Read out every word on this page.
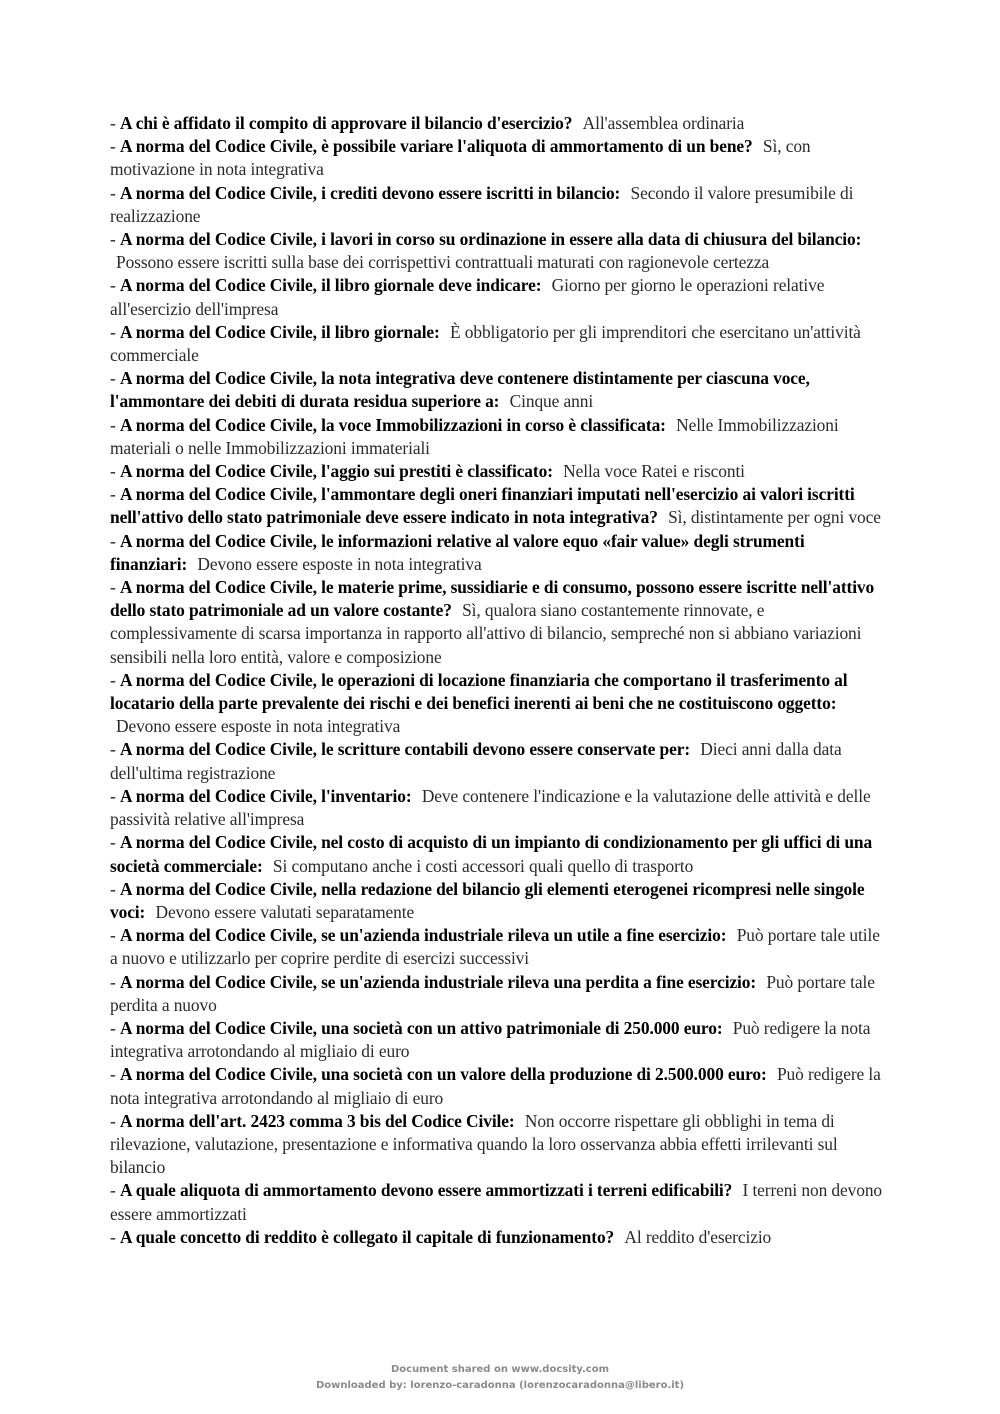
- A chi è affidato il compito di approvare il bilancio d'esercizio? All'assemblea ordinaria

- A norma del Codice Civile, è possibile variare l'aliquota di ammortamento di un bene? Sì, con motivazione in nota integrativa

- A norma del Codice Civile, i crediti devono essere iscritti in bilancio: Secondo il valore presumibile di realizzazione

- A norma del Codice Civile, i lavori in corso su ordinazione in essere alla data di chiusura del bilancio: Possono essere iscritti sulla base dei corrispettivi contrattuali maturati con ragionevole certezza

- A norma del Codice Civile, il libro giornale deve indicare: Giorno per giorno le operazioni relative all'esercizio dell'impresa

- A norma del Codice Civile, il libro giornale: È obbligatorio per gli imprenditori che esercitano un'attività commerciale

- A norma del Codice Civile, la nota integrativa deve contenere distintamente per ciascuna voce, l'ammontare dei debiti di durata residua superiore a: Cinque anni

- A norma del Codice Civile, la voce Immobilizzazioni in corso è classificata: Nelle Immobilizzazioni materiali o nelle Immobilizzazioni immateriali

- A norma del Codice Civile, l'aggio sui prestiti è classificato: Nella voce Ratei e risconti

- A norma del Codice Civile, l'ammontare degli oneri finanziari imputati nell'esercizio ai valori iscritti nell'attivo dello stato patrimoniale deve essere indicato in nota integrativa? Sì, distintamente per ogni voce

- A norma del Codice Civile, le informazioni relative al valore equo «fair value» degli strumenti finanziari: Devono essere esposte in nota integrativa

- A norma del Codice Civile, le materie prime, sussidiarie e di consumo, possono essere iscritte nell'attivo dello stato patrimoniale ad un valore costante? Sì, qualora siano costantemente rinnovate, e complessivamente di scarsa importanza in rapporto all'attivo di bilancio, sempreché non si abbiano variazioni sensibili nella loro entità, valore e composizione

- A norma del Codice Civile, le operazioni di locazione finanziaria che comportano il trasferimento al locatario della parte prevalente dei rischi e dei benefici inerenti ai beni che ne costituiscono oggetto: Devono essere esposte in nota integrativa

- A norma del Codice Civile, le scritture contabili devono essere conservate per: Dieci anni dalla data dell'ultima registrazione

- A norma del Codice Civile, l'inventario: Deve contenere l'indicazione e la valutazione delle attività e delle passività relative all'impresa

- A norma del Codice Civile, nel costo di acquisto di un impianto di condizionamento per gli uffici di una società commerciale: Si computano anche i costi accessori quali quello di trasporto

- A norma del Codice Civile, nella redazione del bilancio gli elementi eterogenei ricompresi nelle singole voci: Devono essere valutati separatamente

- A norma del Codice Civile, se un'azienda industriale rileva un utile a fine esercizio: Può portare tale utile a nuovo e utilizzarlo per coprire perdite di esercizi successivi

- A norma del Codice Civile, se un'azienda industriale rileva una perdita a fine esercizio: Può portare tale perdita a nuovo

- A norma del Codice Civile, una società con un attivo patrimoniale di 250.000 euro: Può redigere la nota integrativa arrotondando al migliaio di euro

- A norma del Codice Civile, una società con un valore della produzione di 2.500.000 euro: Può redigere la nota integrativa arrotondando al migliaio di euro

- A norma dell'art. 2423 comma 3 bis del Codice Civile: Non occorre rispettare gli obblighi in tema di rilevazione, valutazione, presentazione e informativa quando la loro osservanza abbia effetti irrilevanti sul bilancio

- A quale aliquota di ammortamento devono essere ammortizzati i terreni edificabili? I terreni non devono essere ammortizzati

- A quale concetto di reddito è collegato il capitale di funzionamento? Al reddito d'esercizio

Document shared on www.docsity.com
Downloaded by: lorenzo-caradonna (lorenzocaradonna@libero.it)
